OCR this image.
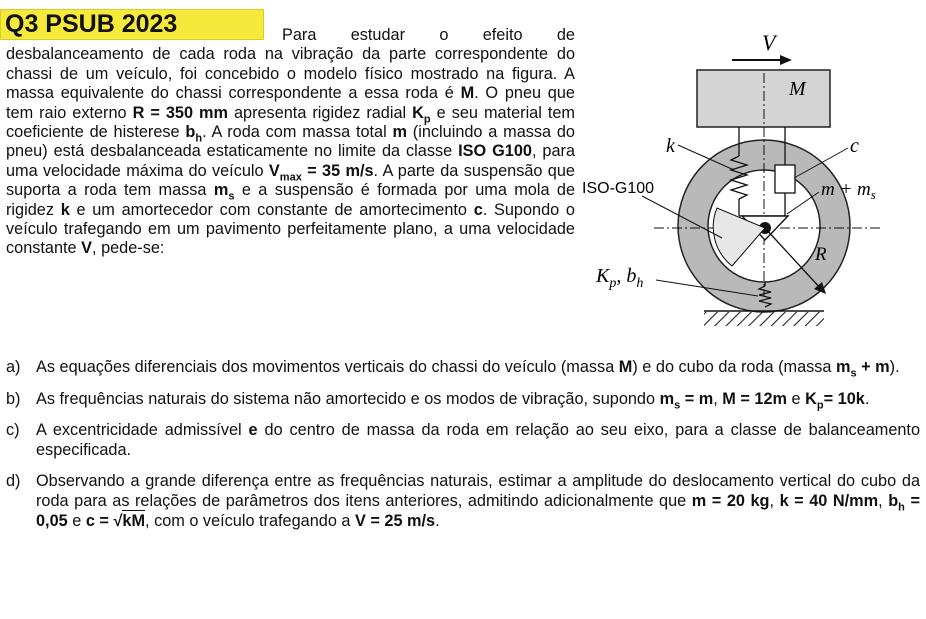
Q3 PSUB 2023	Para estudar o efeito de desbalanceamento de cada roda na vibração da parte correspondente do chassi de um veículo, foi concebido o modelo físico mostrado na figura. A massa equivalente do chassi correspondente a essa roda é M. O pneu que tem raio externo R = 350 mm apresenta rigidez radial $K_p$ e seu material tem coeficiente de histerese $b_h$. A roda com massa total m (incluindo a massa do pneu) está desbalanceada estaticamente no limite da classe ISO G100, para uma velocidade máxima do veículo $V_{max} = 35$ m/s. A parte da suspensão que suporta a roda tem massa $m_s$ e a suspensão é formada por uma mola de rigidez k e um amortecedor com constante de amortecimento c. Supondo o veículo trafegando em um pavimento perfeitamente plano, a uma velocidade constante V, pede-se:
V
M
R
k	c
$m + m_s$
ISO-G100
$K_p$, $b_h$
a) As equações diferenciais dos movimentos verticais do chassi do veículo (massa M) e do cubo da roda (massa $m_s + m$).
b) As frequências naturais do sistema não amortecido e os modos de vibração, supondo $m_s = m$, M = 12m e $K_p= 10k$.
c)	A excentricidade admissível e do centro de massa da roda em relação ao seu eixo, para a classe de balanceamento especificada.
d) Observando a grande diferença entre as frequências naturais, estimar a amplitude do deslocamento vertical do cubo da roda para as relações de parâmetros dos itens anteriores, admitindo adicionalmente que m = 20 kg, k = 40 N/mm, $b_h = 0,05$ e c = √kM, com o veículo trafegando a V = 25 m/s.
